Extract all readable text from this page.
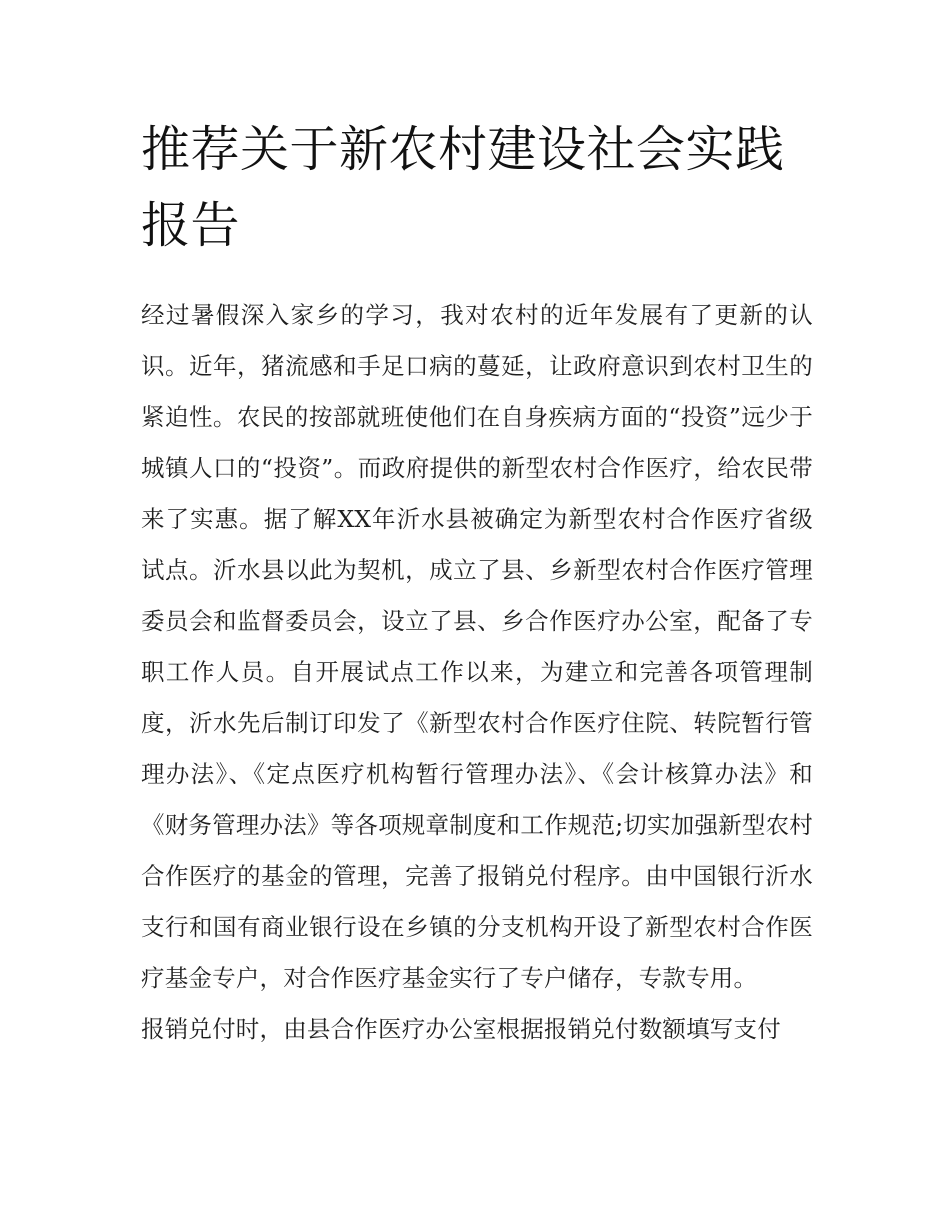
推荐关于新农村建设社会实践报告

经过暑假深入家乡的学习，我对农村的近年发展有了更新的认识。近年，猪流感和手足口病的蔓延，让政府意识到农村卫生的紧迫性。农民的按部就班使他们在自身疾病方面的“投资”远少于城镇人口的“投资”。而政府提供的新型农村合作医疗，给农民带来了实惠。据了解XX年沂水县被确定为新型农村合作医疗省级试点。沂水县以此为契机，成立了县、乡新型农村合作医疗管理委员会和监督委员会，设立了县、乡合作医疗办公室，配备了专职工作人员。自开展试点工作以来，为建立和完善各项管理制度，沂水先后制订印发了《新型农村合作医疗住院、转院暂行管理办法》、《定点医疗机构暂行管理办法》、《会计核算办法》和《财务管理办法》等各项规章制度和工作规范;切实加强新型农村合作医疗的基金的管理，完善了报销兑付程序。由中国银行沂水支行和国有商业银行设在乡镇的分支机构开设了新型农村合作医疗基金专户，对合作医疗基金实行了专户储存，专款专用。

报销兑付时，由县合作医疗办公室根据报销兑付数额填写支付
